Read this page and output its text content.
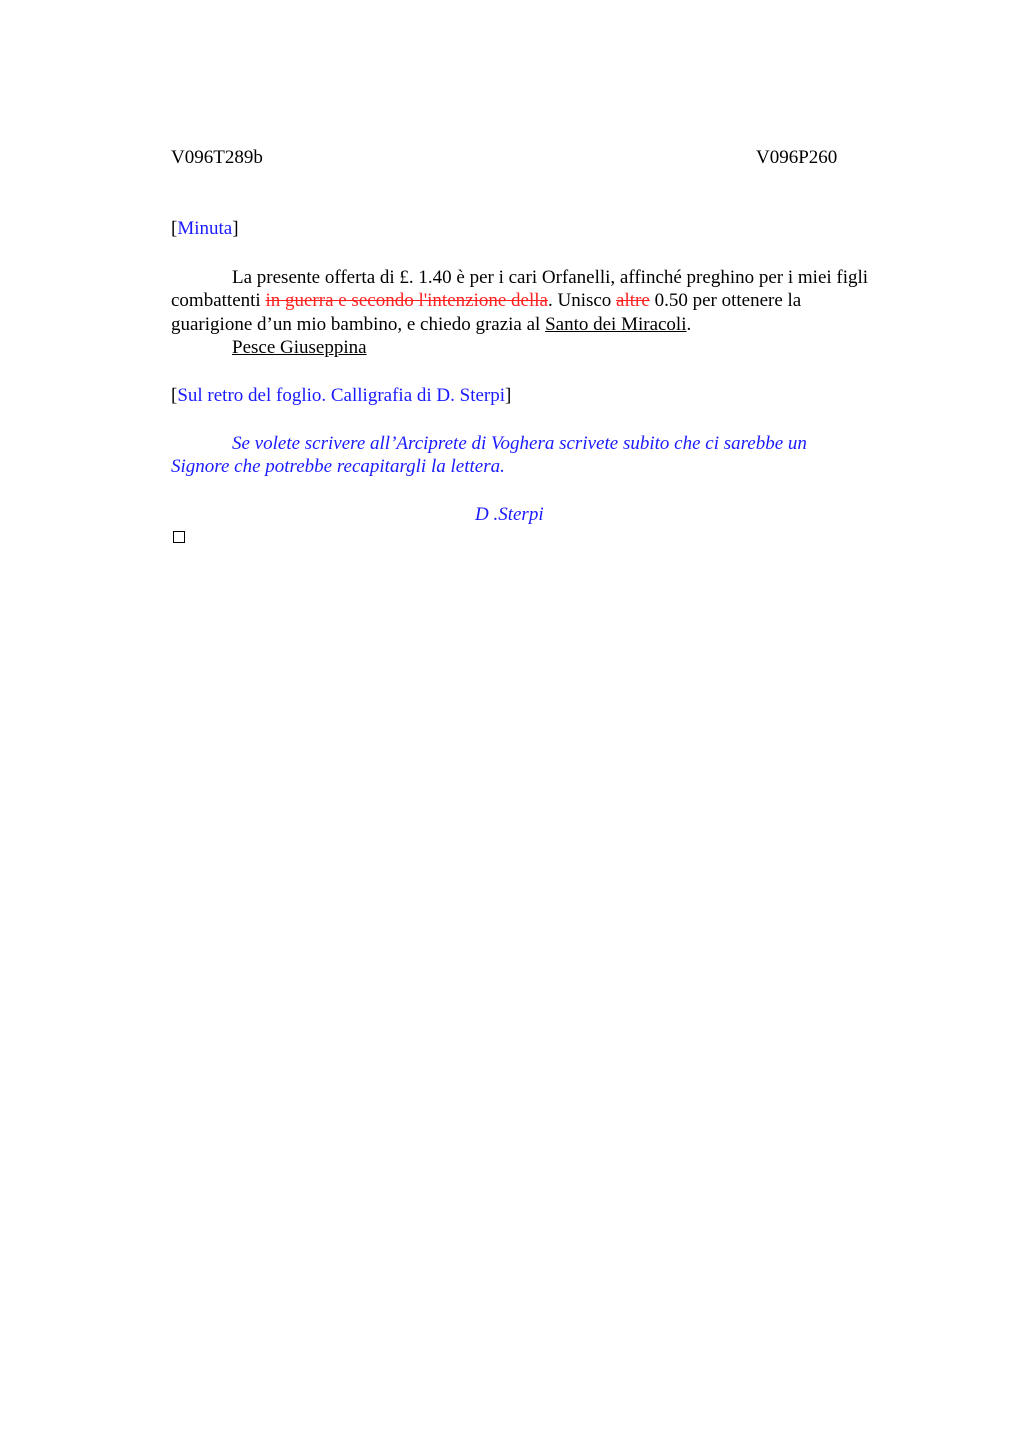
V096T289b	V096P260
[Minuta]
La presente offerta di £. 1.40 è per i cari Orfanelli, affinché preghino per i miei figli
combattenti in guerra e secondo l'intenzione della. Unisco altre 0.50 per ottenere la
guarigione d’un mio bambino, e chiedo grazia al Santo dei Miracoli.
Pesce Giuseppina
[Sul retro del foglio. Calligrafia di D. Sterpi]
Se volete scrivere all’Arciprete di Voghera scrivete subito che ci sarebbe un
Signore che potrebbe recapitargli la lettera.
D .Sterpi
